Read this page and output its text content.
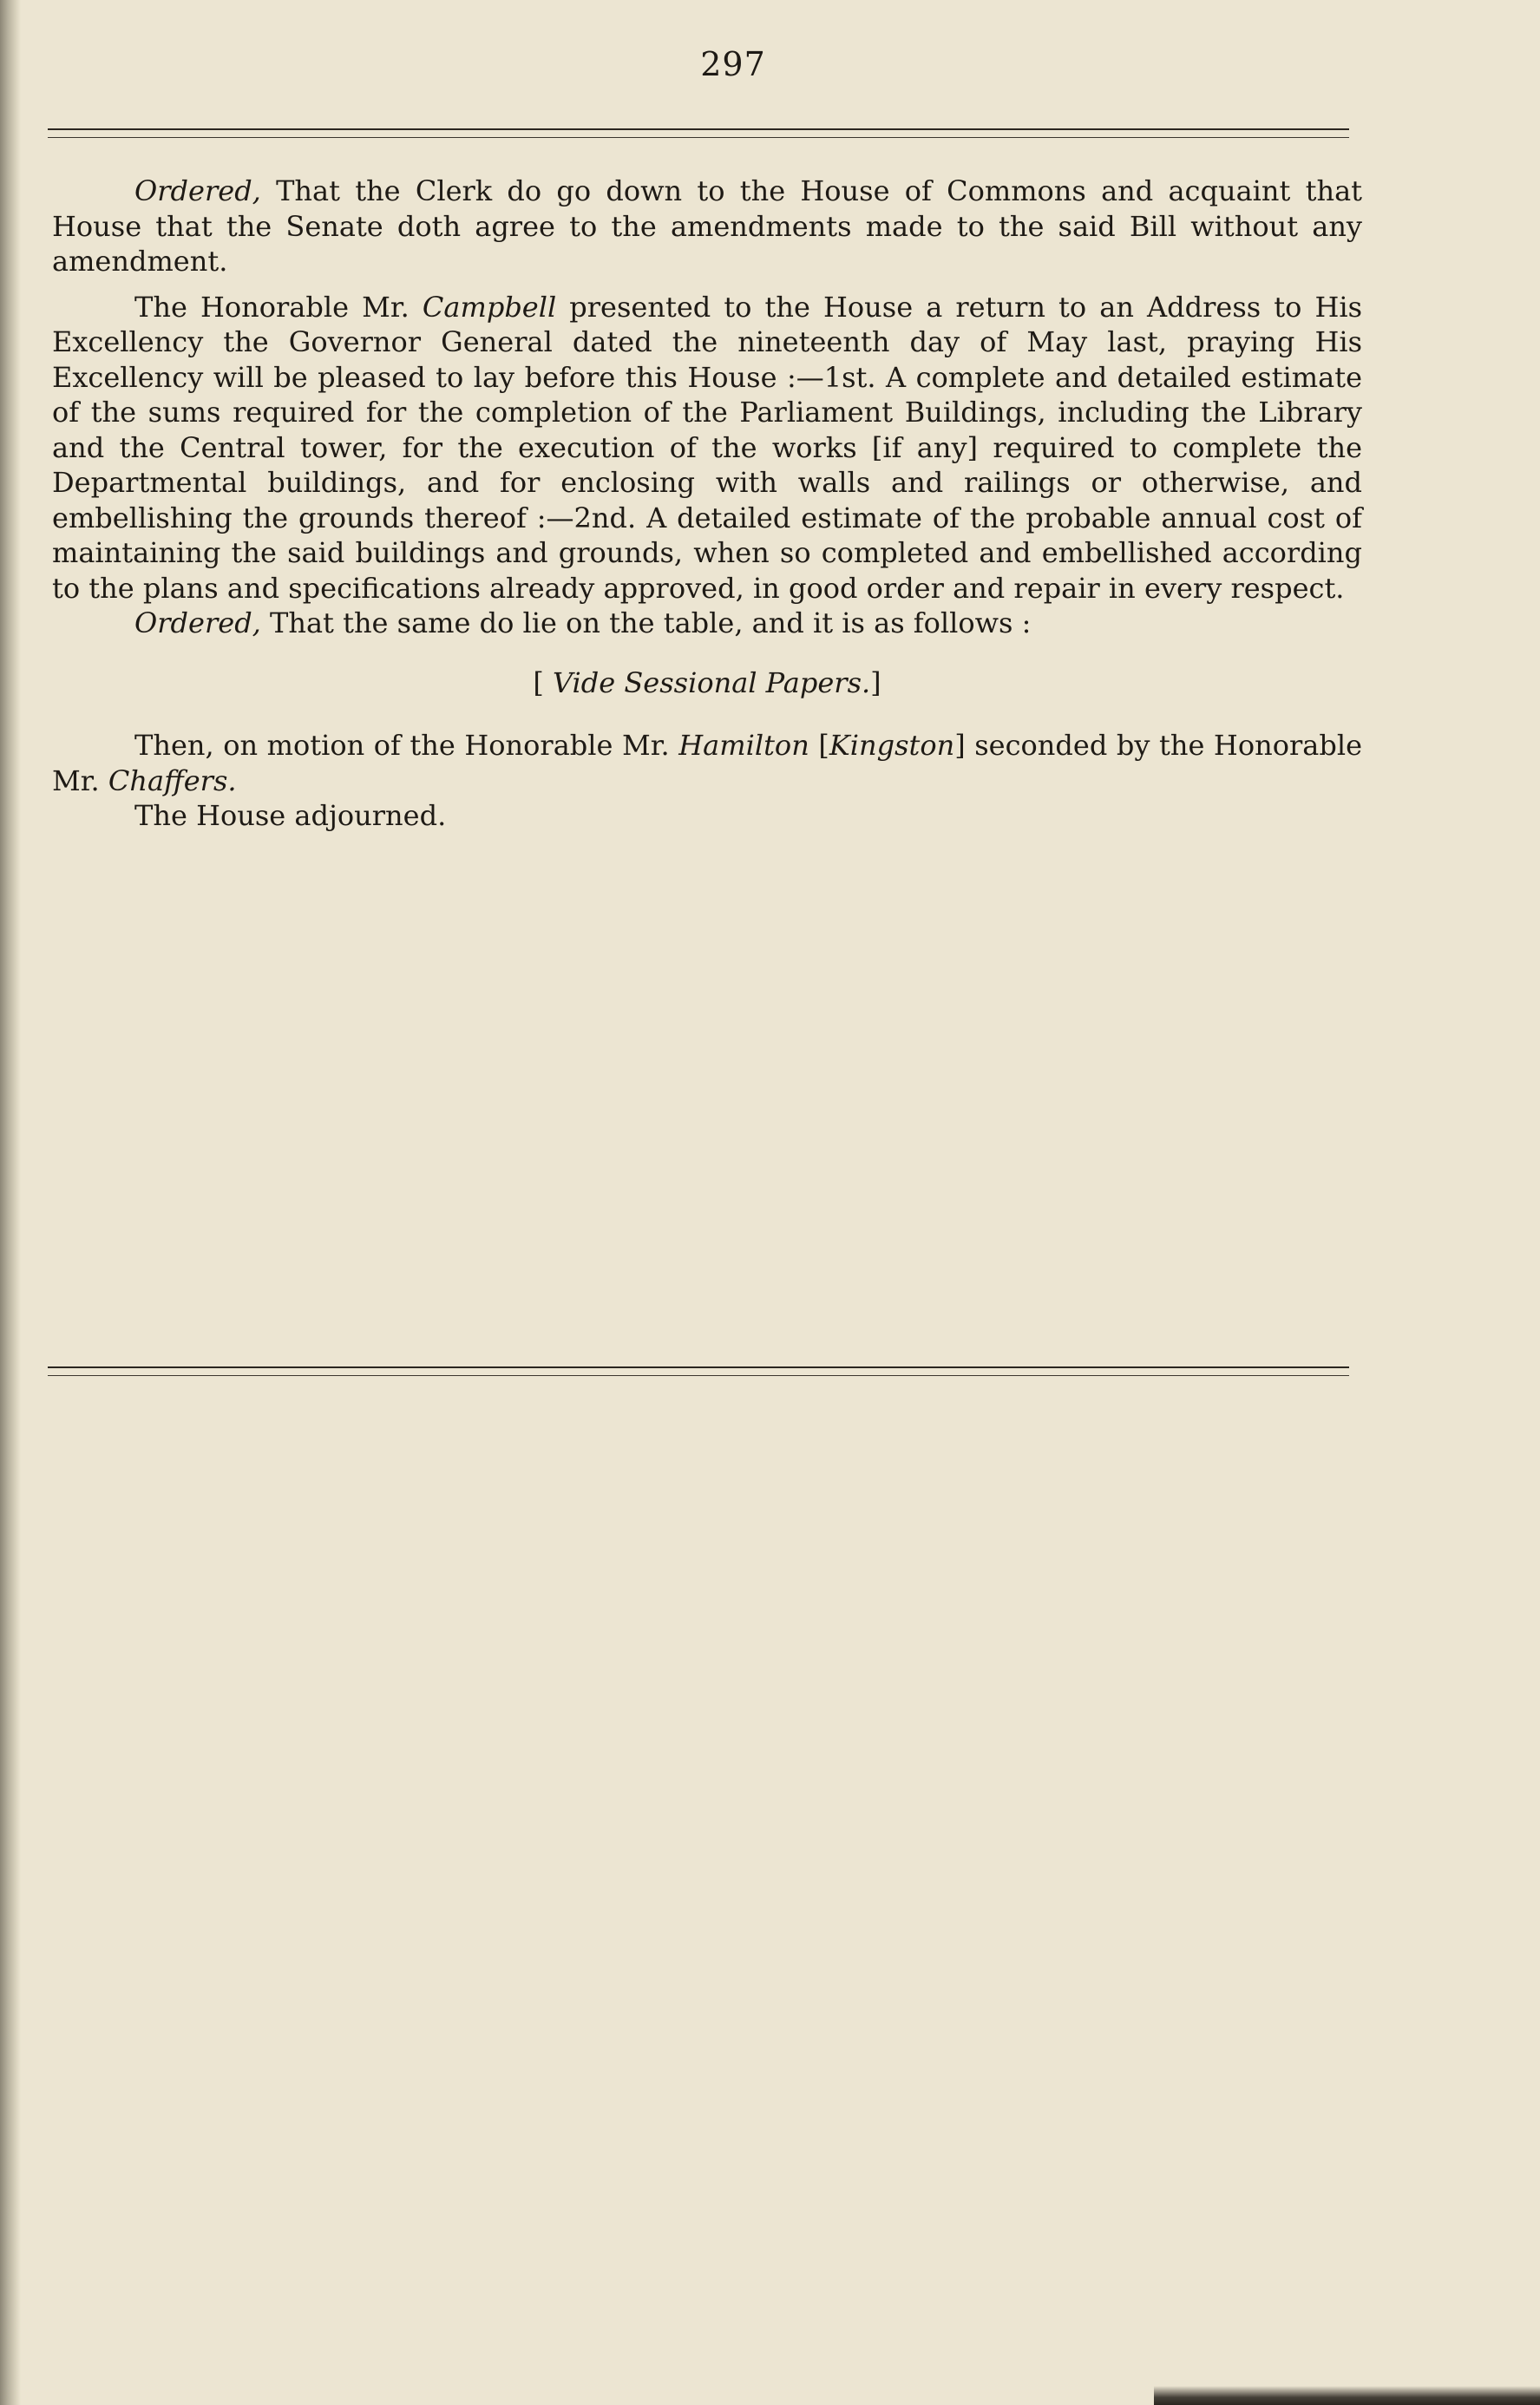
297

Ordered, That the Clerk do go down to the House of Commons and acquaint that House that the Senate doth agree to the amendments made to the said Bill without any amendment.

The Honorable Mr. Campbell presented to the House a return to an Address to His Excellency the Governor General dated the nineteenth day of May last, praying His Excellency will be pleased to lay before this House :—1st. A complete and detailed estimate of the sums required for the completion of the Parliament Buildings, including the Library and the Central tower, for the execution of the works [if any] required to complete the Departmental buildings, and for enclosing with walls and railings or otherwise, and embellishing the grounds thereof :—2nd. A detailed estimate of the probable annual cost of maintaining the said buildings and grounds, when so completed and embellished according to the plans and specifications already approved, in good order and repair in every respect.

Ordered, That the same do lie on the table, and it is as follows :

[ Vide Sessional Papers.]

Then, on motion of the Honorable Mr. Hamilton [Kingston] seconded by the Honorable Mr. Chaffers.

The House adjourned.
